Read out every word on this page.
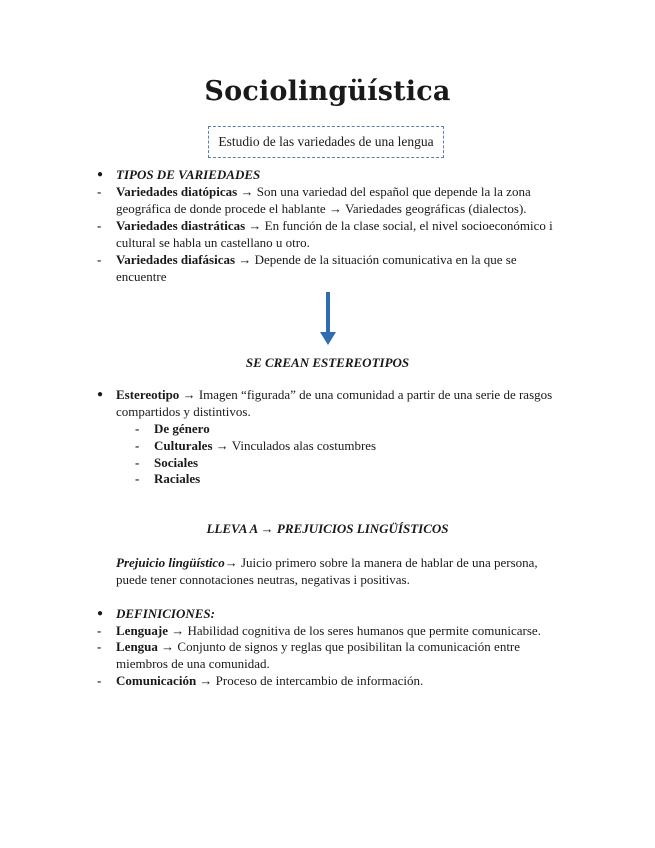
Sociolingüística
Estudio de las variedades de una lengua
● TIPOS DE VARIEDADES
- Variedades diatópicas → Son una variedad del español que depende la la zona
geográfica de donde procede el hablante → Variedades geográficas (dialectos).
- Variedades diastráticas → En función de la clase social, el nivel socioeconómico i
cultural se habla un castellano u otro.
- Variedades diafásicas → Depende de la situación comunicativa en la que se
encuentre
SE CREAN ESTEREOTIPOS
● Estereotipo → Imagen “figurada” de una comunidad a partir de una serie de rasgos
compartidos y distintivos.
- De género
- Culturales → Vinculados alas costumbres
- Sociales
- Raciales
LLEVA A → PREJUICIOS LINGÜÍSTICOS
Prejuicio lingüístico→ Juicio primero sobre la manera de hablar de una persona,
puede tener connotaciones neutras, negativas i positivas.
● DEFINICIONES:
- Lenguaje → Habilidad cognitiva de los seres humanos que permite comunicarse.
- Lengua → Conjunto de signos y reglas que posibilitan la comunicación entre
miembros de una comunidad.
- Comunicación → Proceso de intercambio de información.
